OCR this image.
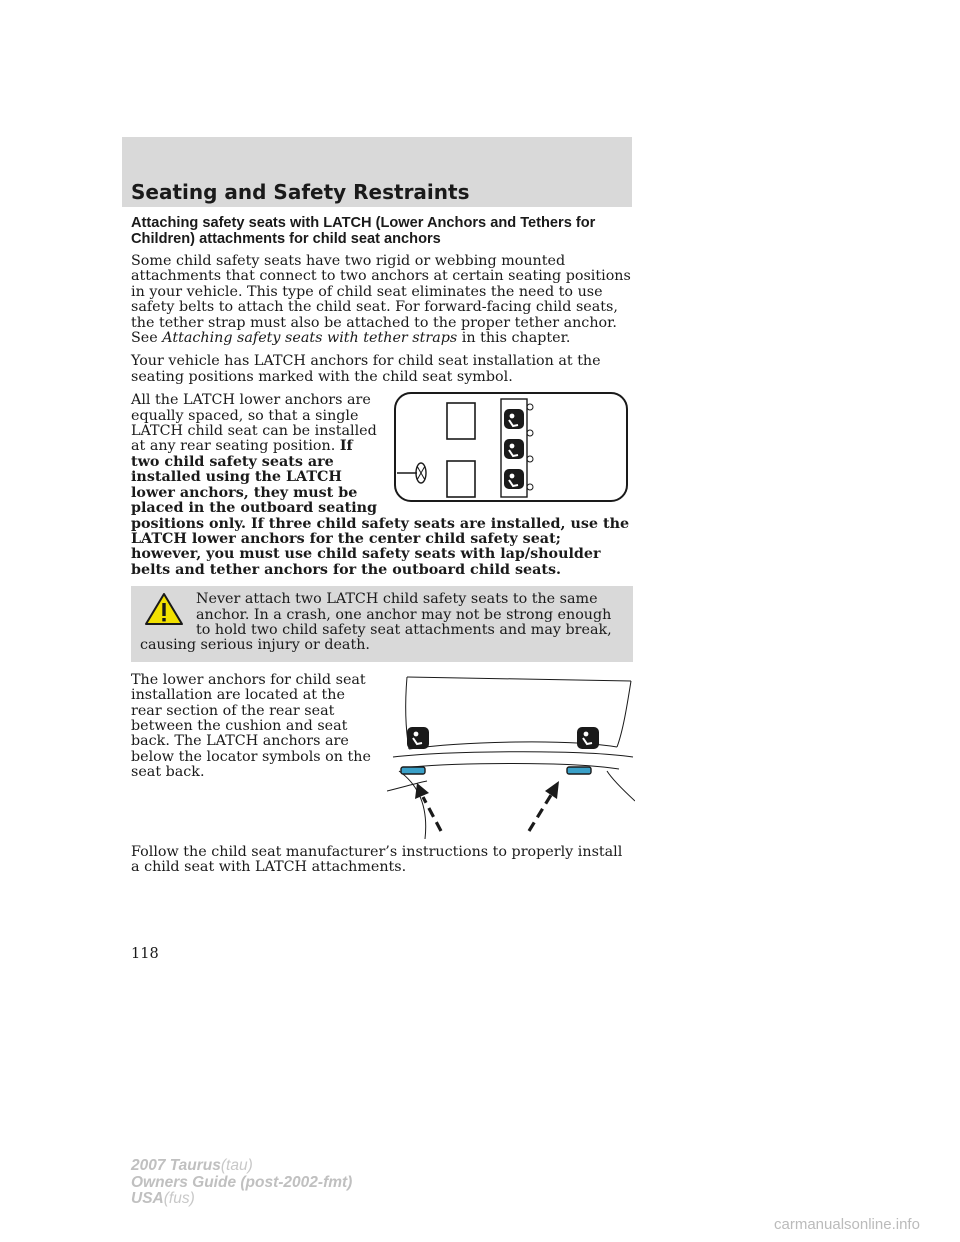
Seating and Safety Restraints
Attaching safety seats with LATCH (Lower Anchors and Tethers for Children) attachments for child seat anchors

Some child safety seats have two rigid or webbing mounted attachments that connect to two anchors at certain seating positions in your vehicle. This type of child seat eliminates the need to use safety belts to attach the child seat. For forward-facing child seats, the tether strap must also be attached to the proper tether anchor. See Attaching safety seats with tether straps in this chapter.

Your vehicle has LATCH anchors for child seat installation at the seating positions marked with the child seat symbol.

All the LATCH lower anchors are equally spaced, so that a single LATCH child seat can be installed at any rear seating position. If two child safety seats are installed using the LATCH lower anchors, they must be placed in the outboard seating positions only. If three child safety seats are installed, use the LATCH lower anchors for the center child safety seat; however, you must use child safety seats with lap/shoulder belts and tether anchors for the outboard child seats.

Never attach two LATCH child safety seats to the same anchor. In a crash, one anchor may not be strong enough to hold two child safety seat attachments and may break, causing serious injury or death.

The lower anchors for child seat installation are located at the rear section of the rear seat between the cushion and seat back. The LATCH anchors are below the locator symbols on the seat back.

Follow the child seat manufacturer’s instructions to properly install a child seat with LATCH attachments.

118
2007 Taurus(tau)
Owners Guide (post-2002-fmt)
USA(fus)
carmanualsonline.info
